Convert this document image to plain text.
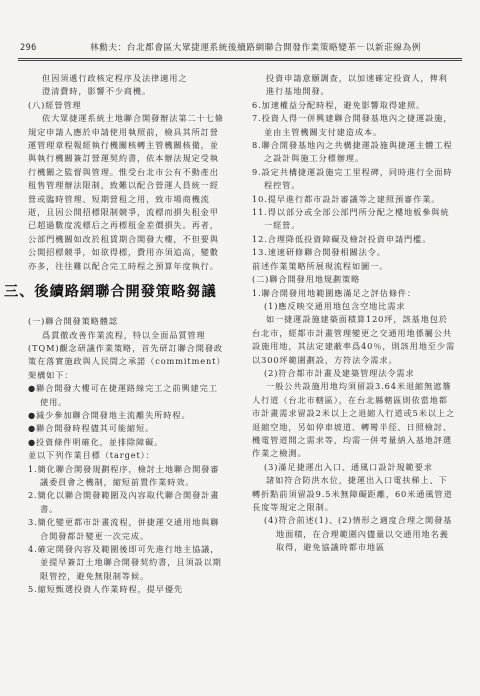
296	林勳夫：台北都會區大眾捷運系統後續路網聯合開發作業策略變革－以新莊線為例
但因須遞行政核定程序及法律適用之
澄清費時，影響不少商機。
(八)經營管理
依大眾捷運系統土地聯合開發辦法第二十七條規定申請人應於申請使用執照前，檢具其所訂營運管理章程報經執行機關核轉主管機關核備，並與執行機關簽訂營運契約書，依本辦法規定受執行機關之監督與管理。惟受台北市公有不動產出租售管理辦法限制，致難以配合營運人員統一經營或臨時管理、短期營租之用，致市場商機流逝，且因公開招標限制競爭，流標而損失租金甲已超過數度流標后之再標租金差價損失。再者，公部門機關如改於租賃期合開發大樓，不但要與公開招標競爭，如欲得標，費用亦須追高，變數亦多，往往難以配合完工時程之預算年度執行。
三、後續路網聯合開發策略芻議
(一)聯合開發策略體認
爲貫徹改善作業流程，特以全面品質管理(TQM)觀念研議作業策略，首先研訂聯合開發政策在落實施政與人民間之承諾（commitment）架構如下：
●聯合開發大樓可在捷運路線完工之前興建完工使用。
●減少參加聯合開發地主流離失所時程。
●聯合開發時程儘其可能縮短。
●投資條件明確化，並排除障礙。
並以下列作業目標（target）：
1.簡化聯合開發規劃程序，檢討土地聯合開發審議委員會之機制，縮短前置作業時效。
2.簡化以聯合開發範圍及內容取代聯合開發計畫書。
3.簡化變更都市計畫流程，併捷運交通用地與聯合開發都計變更一次完成。
4.確定開發內容及範圍後即可先進行地主協議，並提早簽訂土地聯合開發契約書，且須設以期限管控，避免無限制等候。
5.縮短甄選投資人作業時程，提早優先
投資申請意願調查，以加速確定投資人，俾利進行基地開發。
6.加速權益分配時程，避免影響取得建照。
7.投資人得一併興建聯合開發基地內之捷運設施，並由主管機關支付建造成本。
8.聯合開發基地內之共構捷運設施與捷運主體工程之設計與施工分標辦理。
9.設定共構捷運設施完工里程碑，同時進行全面時程控管。
10.提早進行都市設計審議等之建照預審作業。
11.得以部分或全部公部門所分配之樓地板參與統一經營。
12.合理降低投資障礙及檢討投資申請門檻。
13.速速研修聯合開發相關法令。
前述作業策略所展現流程如圖一。
(二)聯合開發用地規劃策略
1.聯合開發用地範圍應滿足之評估條件：
(1)應反映交通用地包含空地比需求
如一捷運設施建築面積算120坪，該基地包於台北市，經都市計畫管理變更之交通用地係屬公共設施用地，其法定建蔽率爲40％，則該用地至少需以300坪範圍劃設，方符法令需求。
(2)符合都市計畫及建築管理法令需求
一般公共設施用地均須留設3.64米退縮無遮簷人行道（台北市轄區），在台北縣轄區則依當地都市計畫需求留設2米以上之退縮人行道或5米以上之退縮空地，另如停車坡道、轉彎半徑、日照檢討、機電管道開之需求等，均需一併考量納入基地評選作業之檢測。
(3)滿足捷運出入口、通風口設計規範要求
諸如符合防洪水位，捷運出入口電扶梯上、下轉折點前須留設9.5米無障礙距離，60米通風管道長度等規定之限制。
(4)符合前述(1)、(2)情形之適度合理之開發基地面積，在合理範圍內儘量以交通用地名義取得，避免協議時都市地區
